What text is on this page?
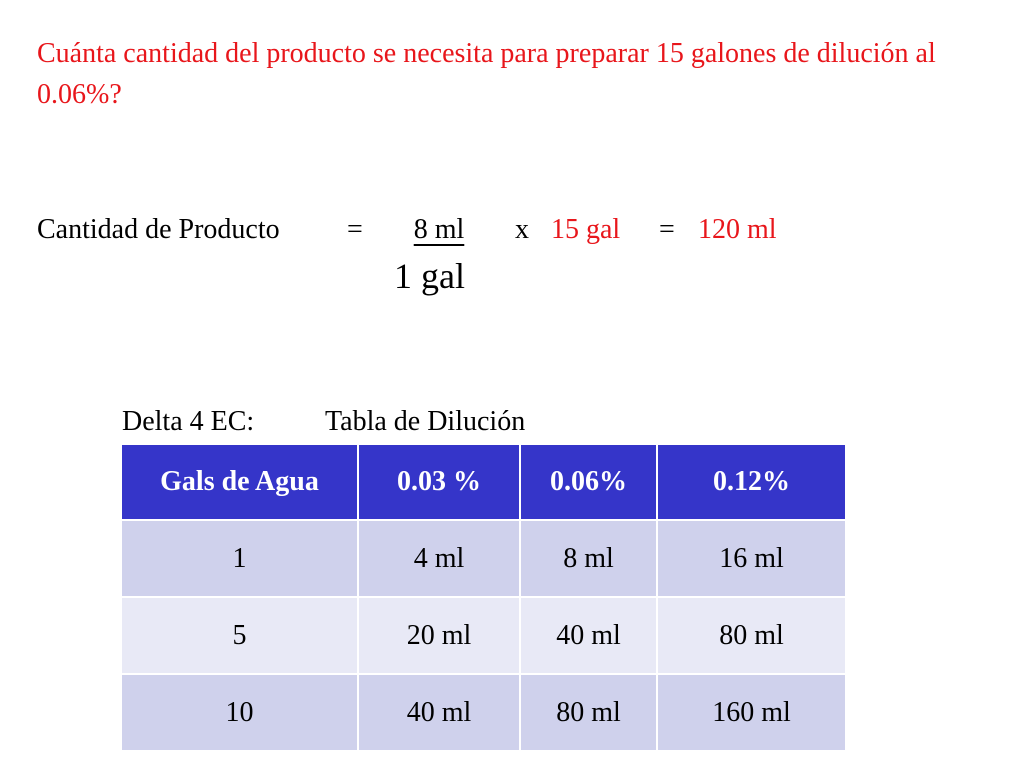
Cuánta cantidad del producto se necesita para preparar 15 galones de dilución al 0.06%?
Cantidad de Producto =	8 ml	x 15 gal = 120 ml
1 gal
Delta 4 EC:	Tabla de Dilución
Gals de Agua	0.03 %	0.06%	0.12%
1	4 ml	8 ml	16 ml
5	20 ml	40 ml	80 ml
10	40 ml	80 ml	160 ml
